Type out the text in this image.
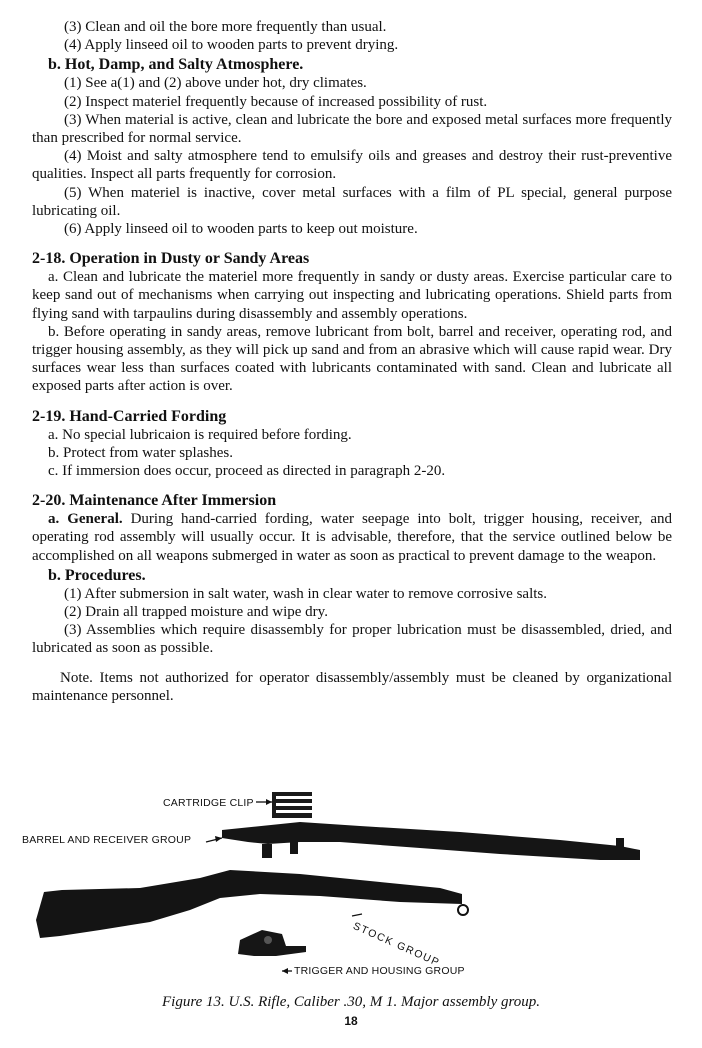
(3) Clean and oil the bore more frequently than usual.

(4) Apply linseed oil to wooden parts to prevent drying.

b. Hot, Damp, and Salty Atmosphere.

(1) See a(1) and (2) above under hot, dry climates.

(2) Inspect materiel frequently because of increased possibility of rust.

(3) When material is active, clean and lubricate the bore and exposed metal surfaces more frequently than prescribed for normal service.

(4) Moist and salty atmosphere tend to emulsify oils and greases and destroy their rust-preventive qualities. Inspect all parts frequently for corrosion.

(5) When materiel is inactive, cover metal surfaces with a film of PL special, general purpose lubricating oil.

(6) Apply linseed oil to wooden parts to keep out moisture.

2-18. Operation in Dusty or Sandy Areas

a. Clean and lubricate the materiel more frequently in sandy or dusty areas. Exercise particular care to keep sand out of mechanisms when carrying out inspecting and lubricating operations. Shield parts from flying sand with tarpaulins during disassembly and assembly operations.

b. Before operating in sandy areas, remove lubricant from bolt, barrel and receiver, operating rod, and trigger housing assembly, as they will pick up sand and from an abrasive which will cause rapid wear. Dry surfaces wear less than surfaces coated with lubricants contaminated with sand. Clean and lubricate all exposed parts after action is over.

2-19. Hand-Carried Fording

a. No special lubricaion is required before fording.

b. Protect from water splashes.

c. If immersion does occur, proceed as directed in paragraph 2-20.

2-20. Maintenance After Immersion

a. General. During hand-carried fording, water seepage into bolt, trigger housing, receiver, and operating rod assembly will usually occur. It is advisable, therefore, that the service outlined below be accomplished on all weapons submerged in water as soon as practical to prevent damage to the weapon.

b. Procedures.

(1) After submersion in salt water, wash in clear water to remove corrosive salts.

(2) Drain all trapped moisture and wipe dry.

(3) Assemblies which require disassembly for proper lubrication must be disassembled, dried, and lubricated as soon as possible.

Note. Items not authorized for operator disassembly/assembly must be cleaned by organizational maintenance personnel.

CARTRIDGE CLIP
BARREL AND RECEIVER GROUP
STOCK GROUP
TRIGGER AND HOUSING GROUP
Figure 13. U.S. Rifle, Caliber .30, M 1. Major assembly group.
18
